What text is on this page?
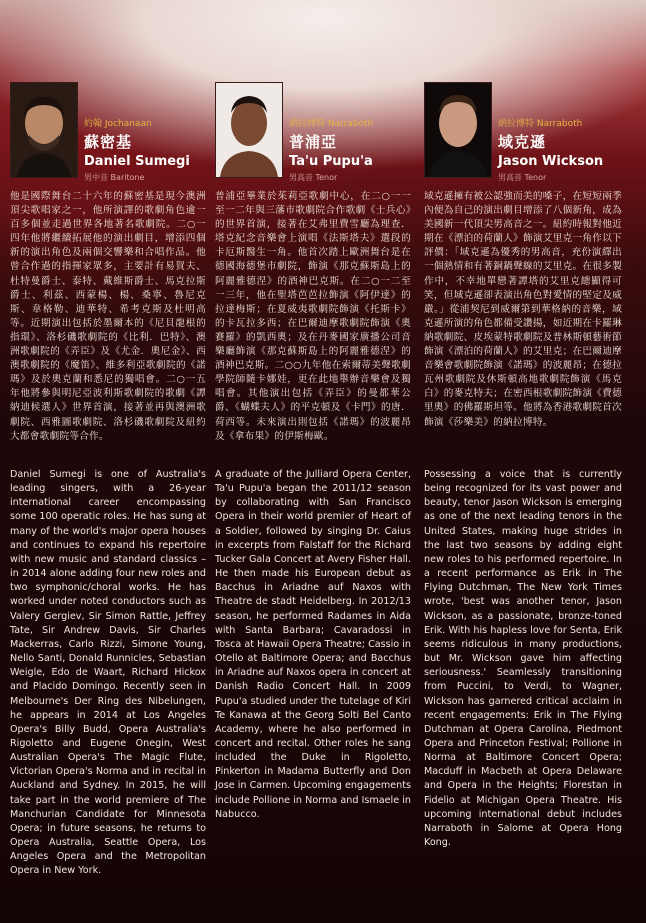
約翰 Jochanaan
蘇密基
Daniel Sumegi
男中音 Baritone
他是國際舞台二十六年的蘇密基是現今澳洲頂尖歌唱家之一，他所演譯的歌劇角色逾一百多個並走過世界各地著名歌劇院。二○一四年他將繼續拓展他的演出劇目，增添四個新的演出角色及兩個交響樂和合唱作品。他曾合作過的指揮家眾多，主要計有易賀夫、杜特曼爵士、泰特、戴維斯爵士、馬克拉斯爵士、利茲、西蒙楊、楊、桑寧、魯尼克斯、韋格勒、迪華特、希考克斯及杜明高等。近期演出包括於墨爾本的《尼貝龍根的指環》、洛杉磯歌劇院的《比利．巴特》、澳洲歌劇院的《弄臣》及《尤金．奧尼金》、西澳歌劇院的《魔笛》、維多利亞歌劇院的《諾瑪》及於奧克蘭和悉尼的獨唱會。二○一五年他將參與明尼亞波利斯歌劇院的歌劇《譚納迪候選人》世界首演，接著並再與澳洲歌劇院、西雅圖歌劇院、洛杉磯歌劇院及紐約大都會歌劇院等合作。
Daniel Sumegi is one of Australia's leading singers, with a 26-year international career encompassing some 100 operatic roles. He has sung at many of the world's major opera houses and continues to expand his repertoire with new music and standard classics – in 2014 alone adding four new roles and two symphonic/choral works. He has worked under noted conductors such as Valery Gergiev, Sir Simon Rattle, Jeffrey Tate, Sir Andrew Davis, Sir Charles Mackerras, Carlo Rizzi, Simone Young, Nello Santi, Donald Runnicles, Sebastian Weigle, Edo de Waart, Richard Hickox and Placido Domingo. Recently seen in Melbourne's Der Ring des Nibelungen, he appears in 2014 at Los Angeles Opera's Billy Budd, Opera Australia's Rigoletto and Eugene Onegin, West Australian Opera's The Magic Flute, Victorian Opera's Norma and in recital in Auckland and Sydney. In 2015, he will take part in the world premiere of The Manchurian Candidate for Minnesota Opera; in future seasons, he returns to Opera Australia, Seattle Opera, Los Angeles Opera and the Metropolitan Opera in New York.
納拉博特 Narraboth
普浦亞
Ta'u Pupu'a
男高音 Tenor
普浦亞畢業於茱莉亞歌劇中心，在二○一一至一二年與三藩市歌劇院合作歌劇《士兵心》的世界首演，接著在艾弗里費雪廳為理查．塔克紀念音樂會上演唱《法斯塔夫》選段的卡厄斯醫生一角。他首次踏上歐洲舞台是在德國海德堡市劇院，飾演《那克蘇斯島上的阿麗雅德涅》的酒神巴克斯。在二○一二至一三年，他在聖塔芭芭拉飾演《阿伊達》的拉達梅斯；在夏威夷歌劇院飾演《托斯卡》的卡瓦拉多西；在巴爾迪摩歌劇院飾演《奧賽羅》的凱西奧；及在丹麥國家廣播公司音樂廳飾演《那克蘇斯島上的阿麗雅德涅》的酒神巴克斯。二○○九年他在索爾蒂美聲歌劇學院師隨卡娜娃，更在此地舉辦音樂會及獨唱會。其他演出包括《弄臣》的曼都華公爵、《蝴蝶夫人》的平克頓及《卡門》的唐．荷西等。未來演出則包括《諾瑪》的波麗昂及《拿布果》的伊斯梅歐。
A graduate of the Julliard Opera Center, Ta'u Pupu'a began the 2011/12 season by collaborating with San Francisco Opera in their world premier of Heart of a Soldier, followed by singing Dr. Caius in excerpts from Falstaff for the Richard Tucker Gala Concert at Avery Fisher Hall. He then made his European debut as Bacchus in Ariadne auf Naxos with Theatre de stadt Heidelberg. In 2012/13 season, he performed Radames in Aida with Santa Barbara; Cavaradossi in Tosca at Hawaii Opera Theatre; Cassio in Otello at Baltimore Opera; and Bacchus in Ariadne auf Naxos opera in concert at Danish Radio Concert Hall. In 2009 Pupu'a studied under the tutelage of Kiri Te Kanawa at the Georg Solti Bel Canto Academy, where he also performed in concert and recital. Other roles he sang included the Duke in Rigoletto, Pinkerton in Madama Butterfly and Don Jose in Carmen. Upcoming engagements include Pollione in Norma and Ismaele in Nabucco.
納拉博特 Narraboth
域克遜
Jason Wickson
男高音 Tenor
域克遜擁有被公認強而美的嗓子，在短短兩季內便為自己的演出劇目增添了八個新角，成為美國新一代頂尖男高音之一。紐約時報對他近期在《漂泊的荷蘭人》飾演艾里克一角作以下評價：「域克遜為優秀的男高音，充份演繹出一個熱情和有著銅鍋聲線的艾里克。在很多製作中，不幸地單戀著譚塔的艾里克總顯得可笑，但域克遜卻表演出角色對愛情的堅定及威嚴。」從浦契尼到威爾第到華格納的音樂，域克遜所演的角色都備受讚揚，如近期在卡羅琳納歌劇院、皮埃蒙特歌劇院及普林斯頓藝術節飾演《漂泊的荷蘭人》的艾里克；在巴爾迪摩音樂會歌劇院飾演《諾瑪》的波麗昂；在德拉瓦州歌劇院及休斯頓高地歌劇院飾演《馬克白》的麥克特夫；在密西根歌劇院飾演《費德里奧》的佛羅斯坦等。他將為香港歌劇院首次飾演《莎樂美》的納拉博特。
Possessing a voice that is currently being recognized for its vast power and beauty, tenor Jason Wickson is emerging as one of the next leading tenors in the United States, making huge strides in the last two seasons by adding eight new roles to his performed repertoire. In a recent performance as Erik in The Flying Dutchman, The New York Times wrote, 'best was another tenor, Jason Wickson, as a passionate, bronze-toned Erik. With his hapless love for Senta, Erik seems ridiculous in many productions, but Mr. Wickson gave him affecting seriousness.' Seamlessly transitioning from Puccini, to Verdi, to Wagner, Wickson has garnered critical acclaim in recent engagements: Erik in The Flying Dutchman at Opera Carolina, Piedmont Opera and Princeton Festival; Pollione in Norma at Baltimore Concert Opera; Macduff in Macbeth at Opera Delaware and Opera in the Heights; Florestan in Fidelio at Michigan Opera Theatre. His upcoming international debut includes Narraboth in Salome at Opera Hong Kong.
